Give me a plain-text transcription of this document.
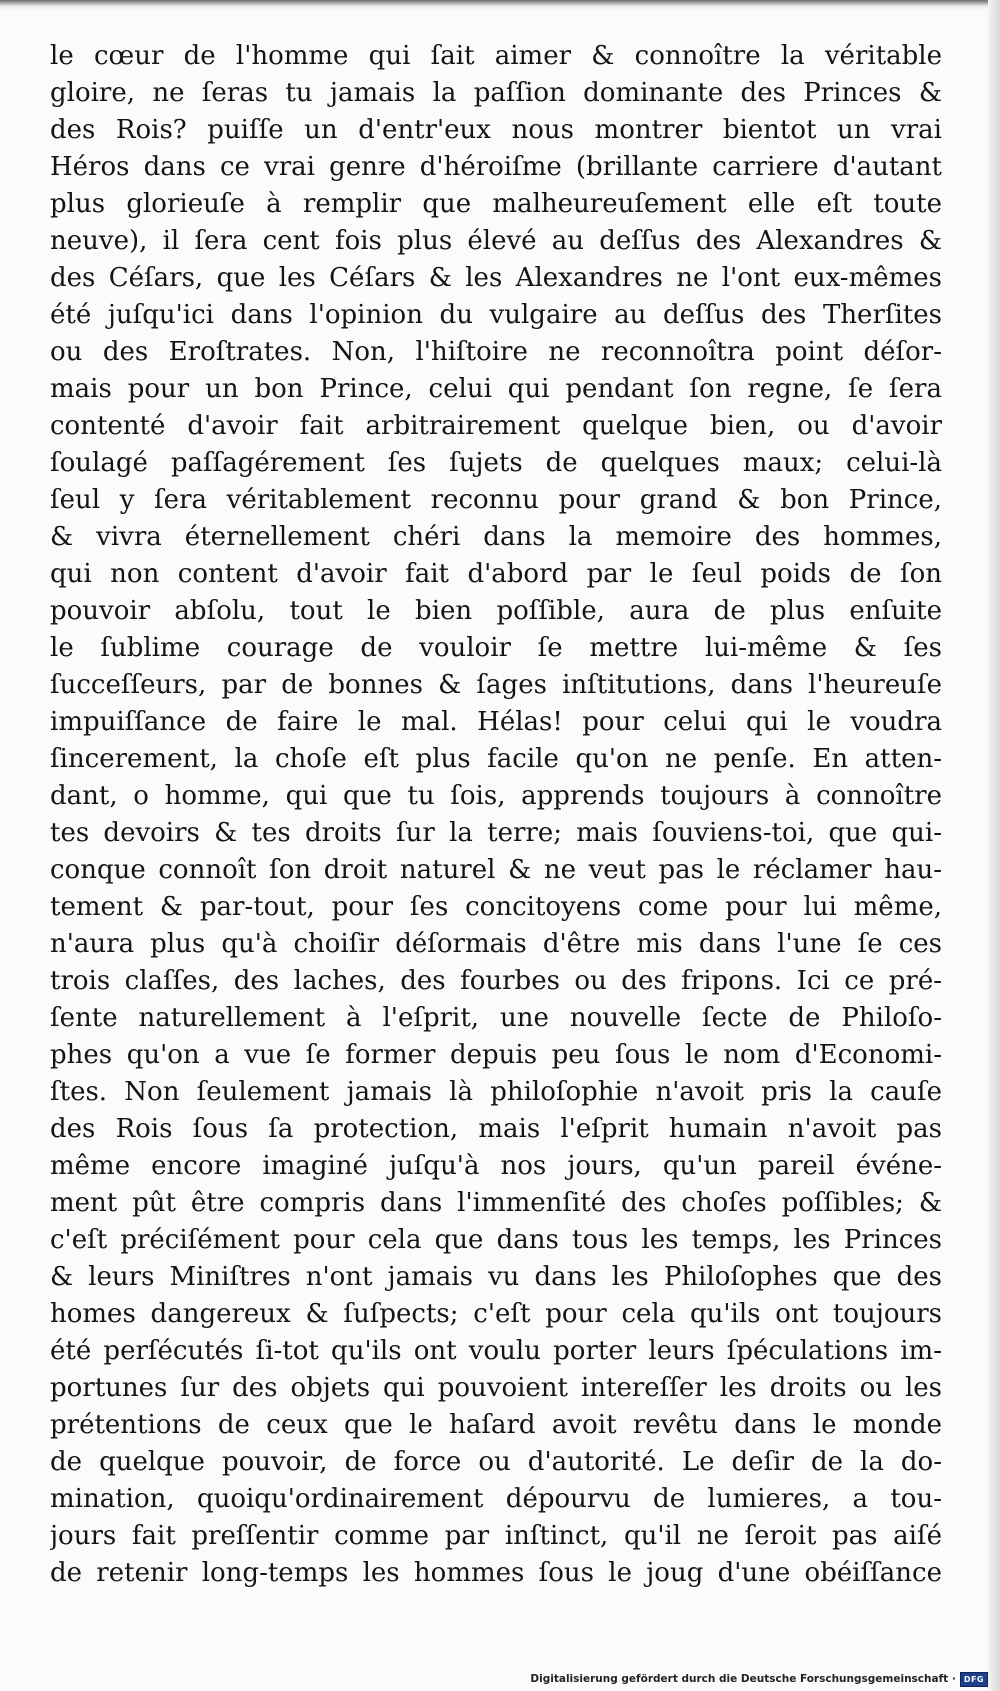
le cœur de l'homme qui ſait aimer & connoître la véritable
gloire, ne ſeras tu jamais la paſſion dominante des Princes &
des Rois? puiſſe un d'entr'eux nous montrer bientot un vrai
Héros dans ce vrai genre d'héroiſme (brillante carriere d'autant
plus glorieuſe à remplir que malheureuſement elle eſt toute
neuve), il ſera cent fois plus élevé au deſſus des Alexandres &
des Céſars, que les Céſars & les Alexandres ne l'ont eux-mêmes
été juſqu'ici dans l'opinion du vulgaire au deſſus des Therſites
ou des Eroſtrates. Non, l'hiſtoire ne reconnoîtra point déſor-
mais pour un bon Prince, celui qui pendant ſon regne, ſe ſera
contenté d'avoir fait arbitrairement quelque bien, ou d'avoir
ſoulagé paſſagérement ſes ſujets de quelques maux; celui-là
ſeul y ſera véritablement reconnu pour grand & bon Prince,
& vivra éternellement chéri dans la memoire des hommes,
qui non content d'avoir fait d'abord par le ſeul poids de ſon
pouvoir abſolu, tout le bien poſſible, aura de plus enſuite
le ſublime courage de vouloir ſe mettre lui-même & ſes
ſucceſſeurs, par de bonnes & ſages inſtitutions, dans l'heureuſe
impuiſſance de faire le mal. Hélas! pour celui qui le voudra
ſincerement, la choſe eſt plus facile qu'on ne penſe. En atten-
dant, o homme, qui que tu ſois, apprends toujours à connoître
tes devoirs & tes droits ſur la terre; mais ſouviens-toi, que qui-
conque connoît ſon droit naturel & ne veut pas le réclamer hau-
tement & par-tout, pour ſes concitoyens come pour lui même,
n'aura plus qu'à choiſir déſormais d'être mis dans l'une ſe ces
trois claſſes, des laches, des fourbes ou des fripons. Ici ce pré-
ſente naturellement à l'eſprit, une nouvelle ſecte de Philoſo-
phes qu'on a vue ſe former depuis peu ſous le nom d'Economi-
ſtes. Non ſeulement jamais là philoſophie n'avoit pris la cauſe
des Rois ſous ſa protection, mais l'eſprit humain n'avoit pas
même encore imaginé juſqu'à nos jours, qu'un pareil événe-
ment pût être compris dans l'immenſité des choſes poſſibles; &
c'eſt préciſément pour cela que dans tous les temps, les Princes
& leurs Miniſtres n'ont jamais vu dans les Philoſophes que des
homes dangereux & ſuſpects; c'eſt pour cela qu'ils ont toujours
été perſécutés ſi-tot qu'ils ont voulu porter leurs ſpéculations im-
portunes ſur des objets qui pouvoient intereſſer les droits ou les
prétentions de ceux que le haſard avoit revêtu dans le monde
de quelque pouvoir, de force ou d'autorité. Le deſir de la do-
mination, quoiqu'ordinairement dépourvu de lumieres, a tou-
jours fait preſſentir comme par inſtinct, qu'il ne ſeroit pas aiſé
de retenir long-temps les hommes ſous le joug d'une obéiſſance
Digitalisierung gefördert durch die Deutsche Forschungsgemeinschaft ·	DFG
